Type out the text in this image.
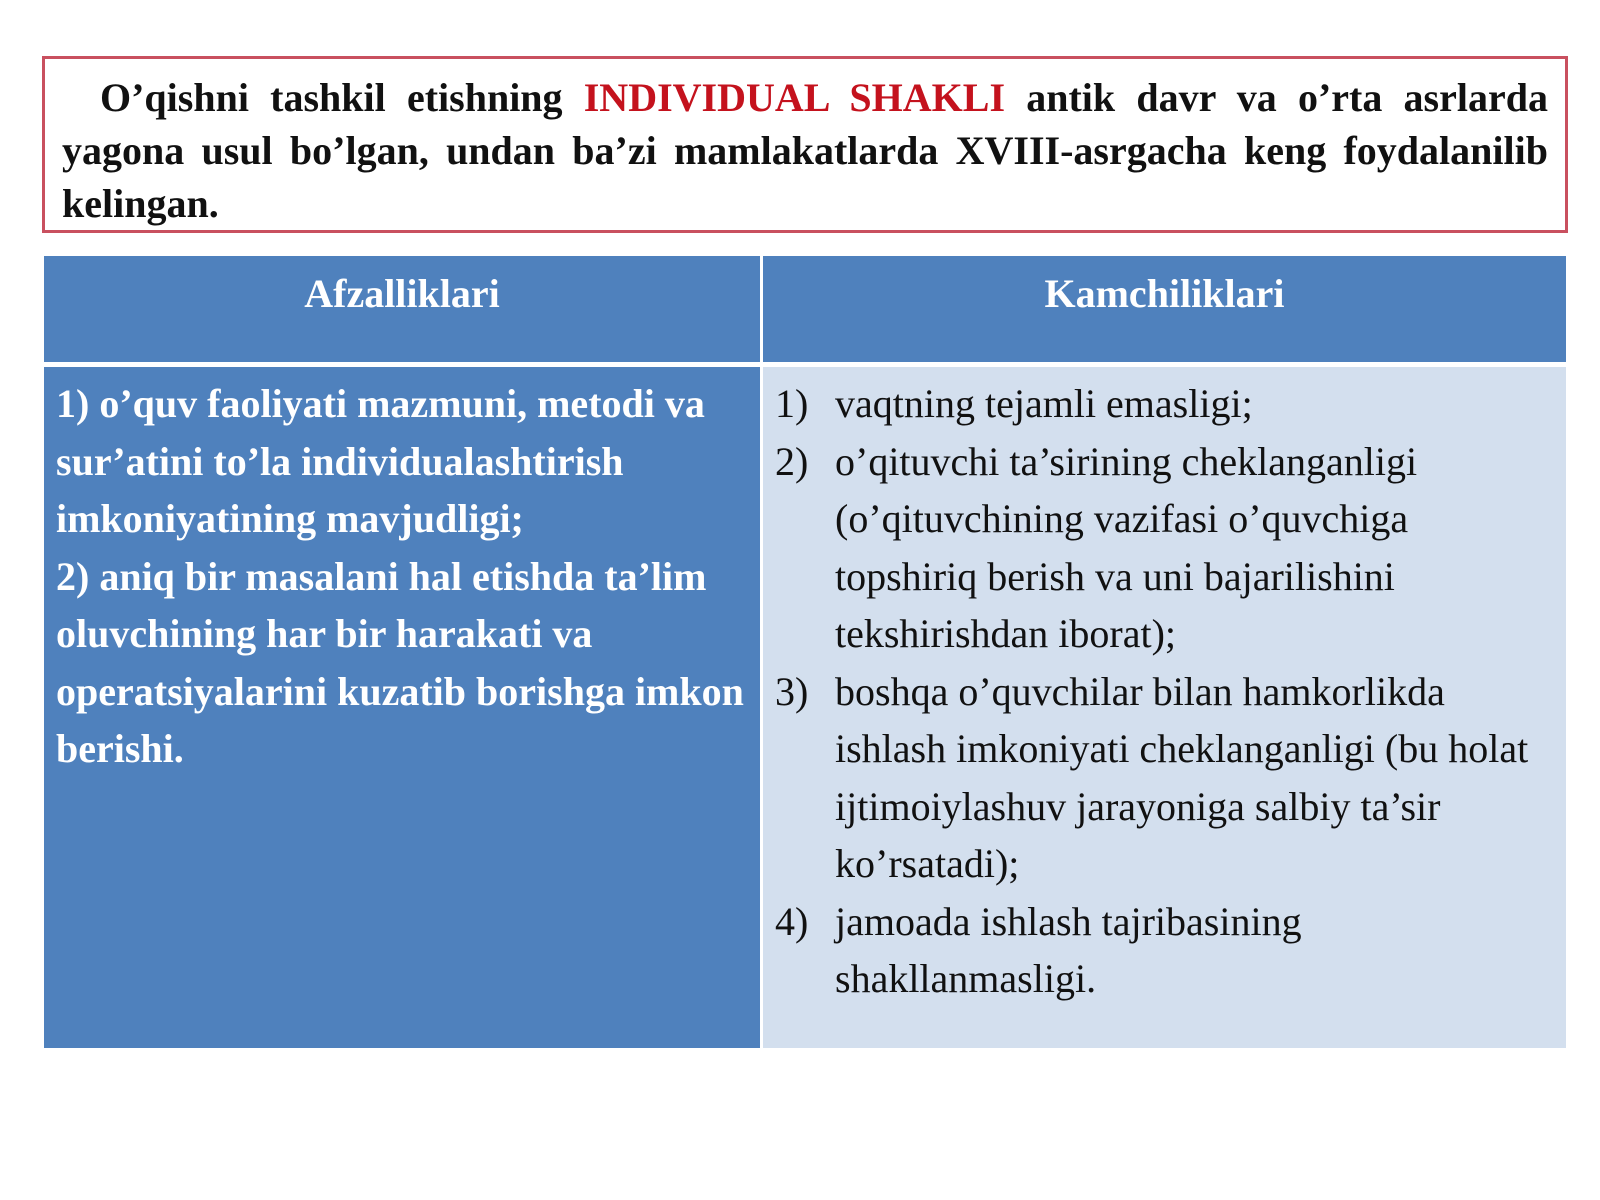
O’qishni tashkil etishning INDIVIDUAL SHAKLI antik davr va o’rta asrlarda yagona usul bo’lgan, undan ba’zi mamlakatlarda XVIII-asrgacha keng foydalanilib kelingan.

Afzalliklari	Kamchiliklari

1) o’quv faoliyati mazmuni, metodi va sur’atini to’la individualashtirish imkoniyatining mavjudligi;

2) aniq bir masalani hal etishda ta’lim oluvchining har bir harakati va operatsiyalarini kuzatib borishga imkon berishi.

1) vaqtning tejamli emasligi;
2) o’qituvchi ta’sirining cheklanganligi (o’qituvchining vazifasi o’quvchiga topshiriq berish va uni bajarilishini tekshirishdan iborat);
3) boshqa o’quvchilar bilan hamkorlikda ishlash imkoniyati cheklanganligi (bu holat ijtimoiylashuv jarayoniga salbiy ta’sir ko’rsatadi);
4) jamoada ishlash tajribasining shakllanmasligi.
